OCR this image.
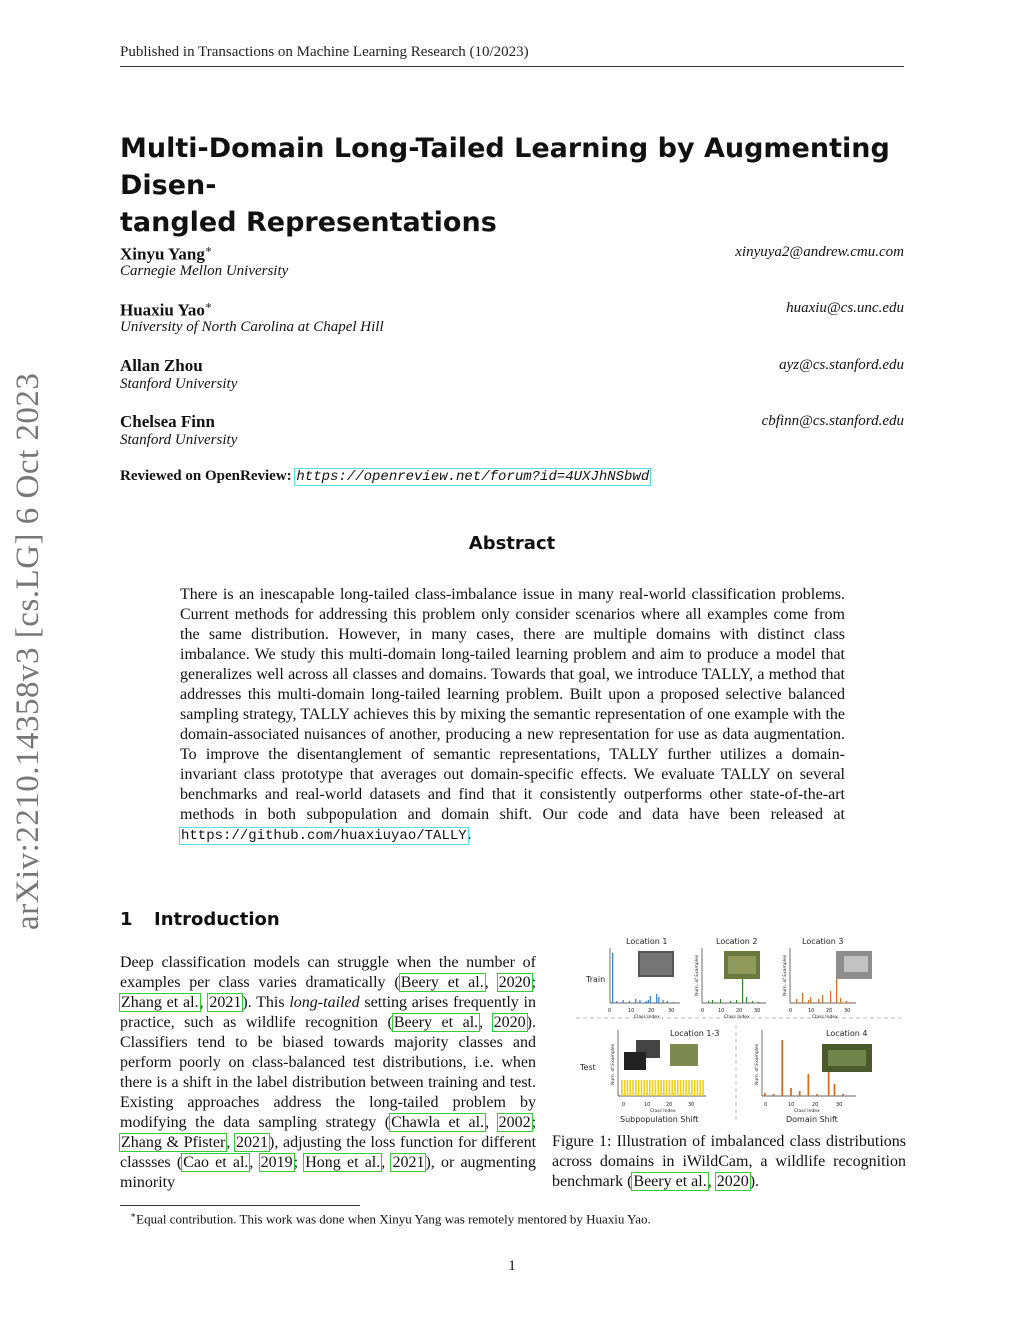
arXiv:2210.14358v3 [cs.LG] 6 Oct 2023
Published in Transactions on Machine Learning Research (10/2023)
Multi-Domain Long-Tailed Learning by Augmenting Disen-
tangled Representations
Xinyu Yang∗
Carnegie Mellon University
xinyuya2@andrew.cmu.com
Huaxiu Yao∗
University of North Carolina at Chapel Hill
huaxiu@cs.unc.edu
Allan Zhou
Stanford University
ayz@cs.stanford.edu
Chelsea Finn
Stanford University
cbfinn@cs.stanford.edu
Reviewed on OpenReview: https://openreview.net/forum?id=4UXJhNSbwd
Abstract
There is an inescapable long-tailed class-imbalance issue in many real-world classification problems. Current methods for addressing this problem only consider scenarios where all examples come from the same distribution. However, in many cases, there are multiple domains with distinct class imbalance. We study this multi-domain long-tailed learning problem and aim to produce a model that generalizes well across all classes and domains. Towards that goal, we introduce TALLY, a method that addresses this multi-domain long-tailed learning problem. Built upon a proposed selective balanced sampling strategy, TALLY achieves this by mixing the semantic representation of one example with the domain-associated nuisances of another, producing a new representation for use as data augmentation. To improve the disentanglement of semantic representations, TALLY further utilizes a domain-invariant class prototype that averages out domain-specific effects. We evaluate TALLY on several benchmarks and real-world datasets and find that it consistently outperforms other state-of-the-art methods in both subpopulation and domain shift. Our code and data have been released at https://github.com/huaxiuyao/TALLY.
1 Introduction
Deep classification models can struggle when the number of examples per class varies dramatically (Beery et al., 2020; Zhang et al., 2021). This long-tailed setting arises frequently in practice, such as wildlife recognition (Beery et al., 2020). Classifiers tend to be biased towards majority classes and perform poorly on class-balanced test distributions, i.e. when there is a shift in the label distribution between training and test. Existing approaches address the long-tailed problem by modifying the data sampling strategy (Chawla et al., 2002; Zhang & Pfister, 2021), adjusting the loss function for different classses (Cao et al., 2019; Hong et al., 2021), or augmenting minority
Train
Test
Location 1
0	10	20	30
Class Index
Location 2
Num. of Examples
0	10 20 30
Class Index
Location 3
Num. of Examples
0	10 20 30
Class Index
Location 1-3
Num. of Examples
0	10	20	30
Class Index
Subpopulation Shift
Location 4
Num. of Examples
0	10	20	30
Class Index
Domain Shift
Figure 1: Illustration of imbalanced class distributions across domains in iWildCam, a wildlife recognition benchmark (Beery et al., 2020).
∗Equal contribution. This work was done when Xinyu Yang was remotely mentored by Huaxiu Yao.
1
